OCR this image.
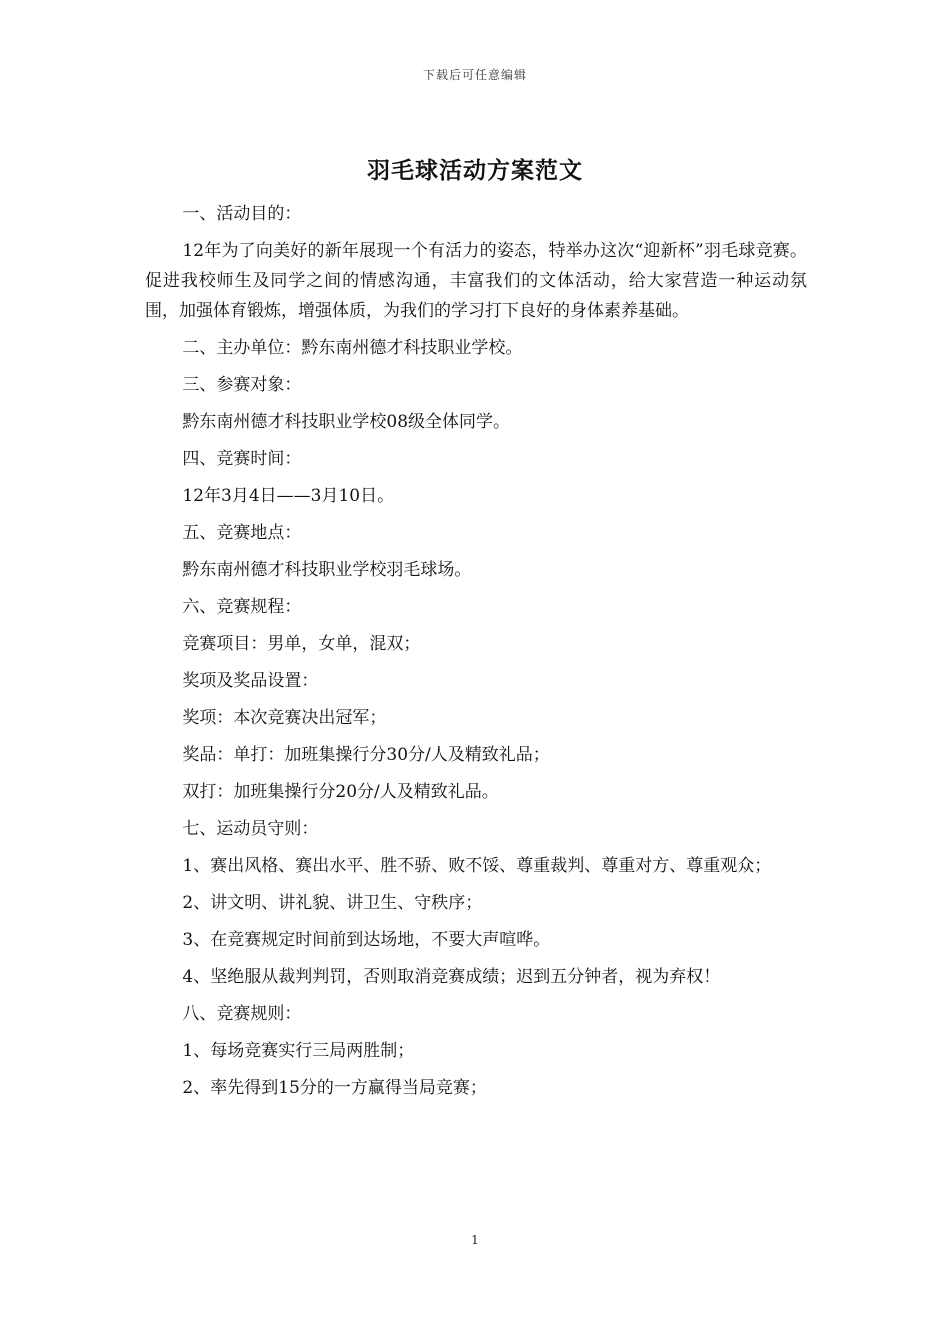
下载后可任意编辑
羽毛球活动方案范文

一、活动目的：

12年为了向美好的新年展现一个有活力的姿态，特举办这次“迎新杯”羽毛球竞赛。促进我校师生及同学之间的情感沟通，丰富我们的文体活动，给大家营造一种运动氛围，加强体育锻炼，增强体质，为我们的学习打下良好的身体素养基础。

二、主办单位：黔东南州德才科技职业学校。

三、参赛对象：

黔东南州德才科技职业学校08级全体同学。

四、竞赛时间：

12年3月4日——3月10日。

五、竞赛地点：

黔东南州德才科技职业学校羽毛球场。

六、竞赛规程：

竞赛项目：男单，女单，混双；

奖项及奖品设置：

奖项：本次竞赛决出冠军；

奖品：单打：加班集操行分30分/人及精致礼品；

双打：加班集操行分20分/人及精致礼品。

七、运动员守则：

1、赛出风格、赛出水平、胜不骄、败不馁、尊重裁判、尊重对方、尊重观众；

2、讲文明、讲礼貌、讲卫生、守秩序；

3、在竞赛规定时间前到达场地，不要大声喧哗。

4、坚绝服从裁判判罚，否则取消竞赛成绩；迟到五分钟者，视为弃权！

八、竞赛规则：

1、每场竞赛实行三局两胜制；

2、率先得到15分的一方赢得当局竞赛；

1
